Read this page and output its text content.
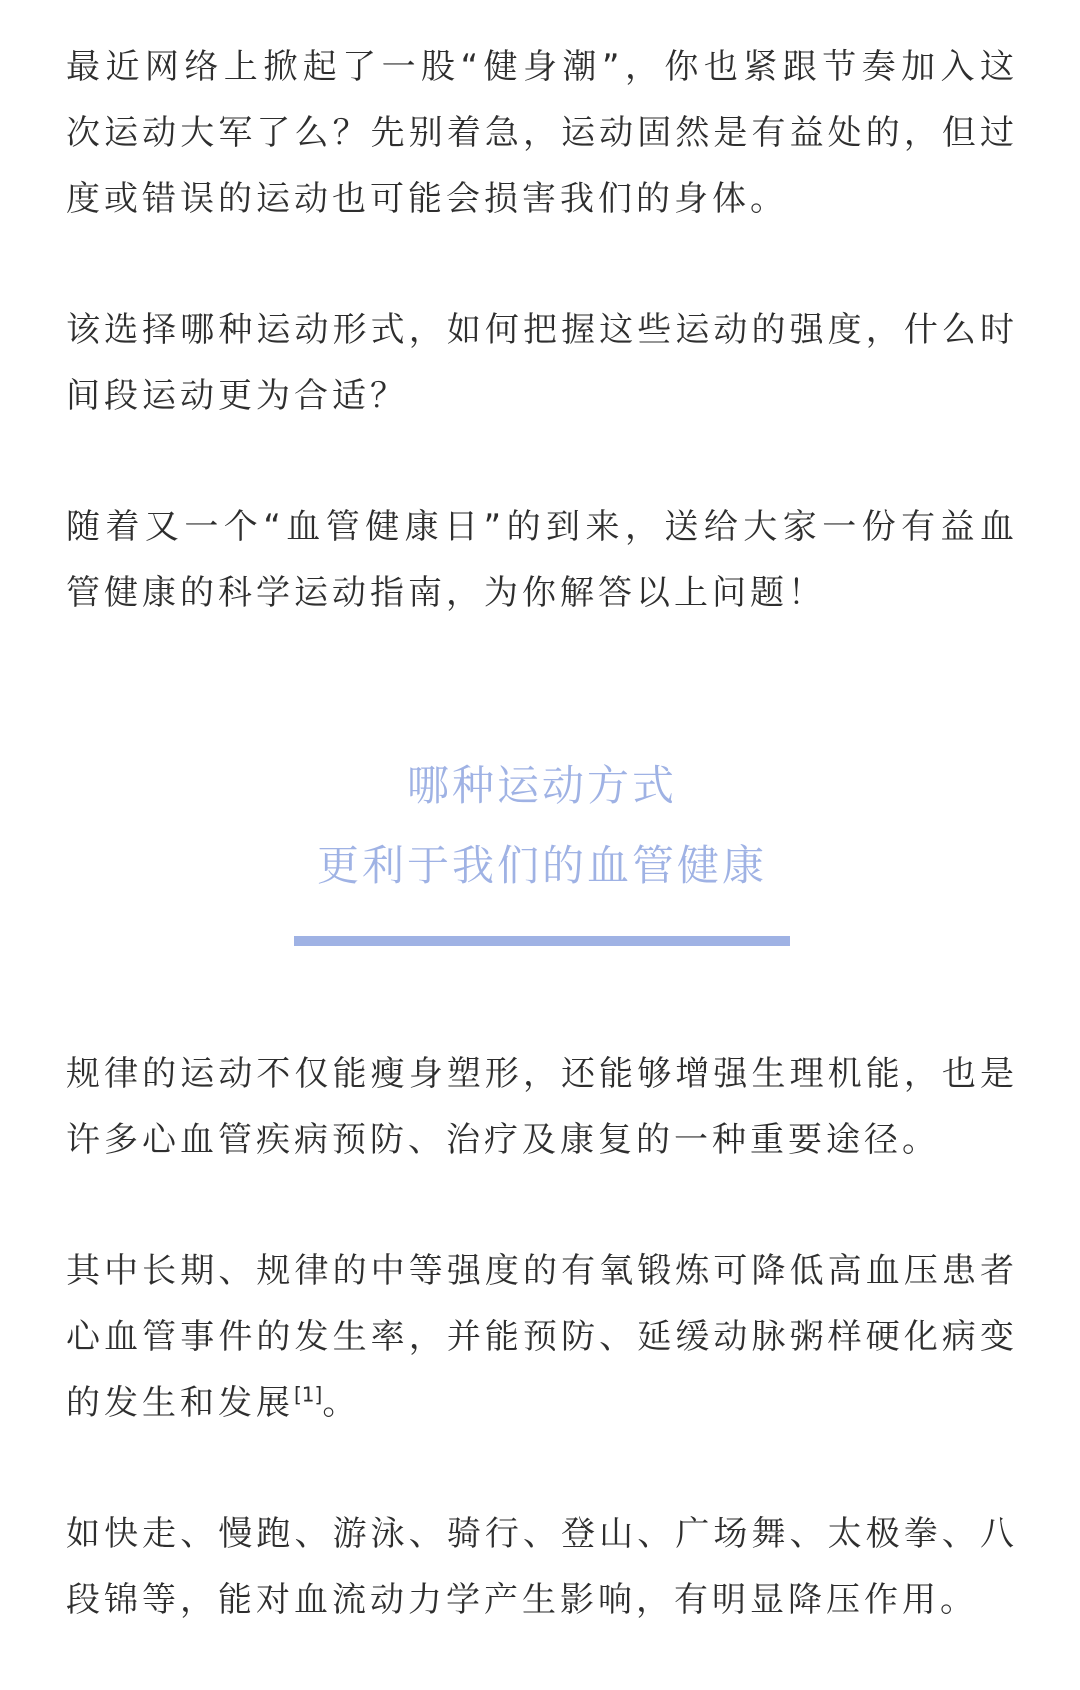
最近网络上掀起了一股“健身潮”，你也紧跟节奏加入这次运动大军了么？先别着急，运动固然是有益处的，但过度或错误的运动也可能会损害我们的身体。

该选择哪种运动形式，如何把握这些运动的强度，什么时间段运动更为合适？

随着又一个“血管健康日”的到来，送给大家一份有益血管健康的科学运动指南，为你解答以上问题！

哪种运动方式
更利于我们的血管健康

规律的运动不仅能瘦身塑形，还能够增强生理机能，也是许多心血管疾病预防、治疗及康复的一种重要途径。

其中长期、规律的中等强度的有氧锻炼可降低高血压患者心血管事件的发生率，并能预防、延缓动脉粥样硬化病变的发生和发展[1]。

如快走、慢跑、游泳、骑行、登山、广场舞、太极拳、八段锦等，能对血流动力学产生影响，有明显降压作用。
